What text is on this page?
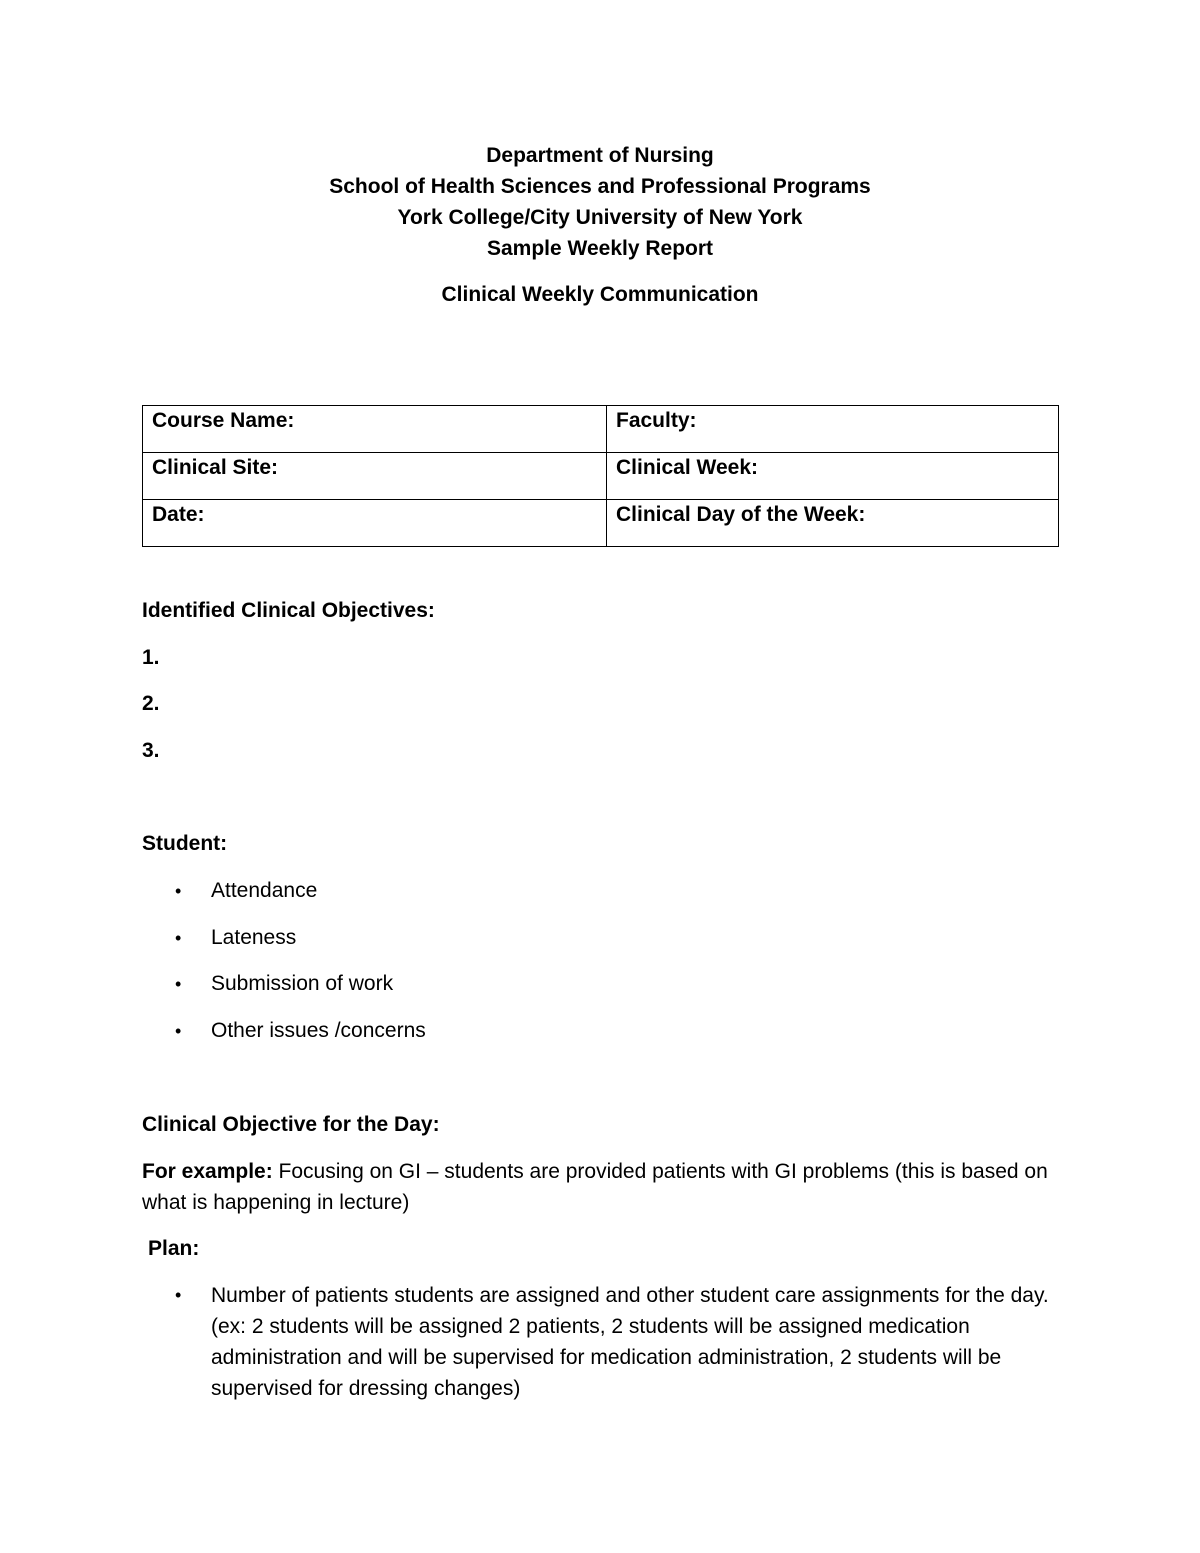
Department of Nursing
School of Health Sciences and Professional Programs
York College/City University of New York
Sample Weekly Report
Clinical Weekly Communication
Course Name:	Faculty:
Clinical Site:	Clinical Week:
Date:	Clinical Day of the Week:
Identified Clinical Objectives:
1.
2.
3.
Student:
•	Attendance
•	Lateness
•	Submission of work
•	Other issues /concerns
Clinical Objective for the Day:
For example: Focusing on GI – students are provided patients with GI problems (this is based on what is happening in lecture)
Plan:
•	Number of patients students are assigned and other student care assignments for the day. (ex: 2 students will be assigned 2 patients, 2 students will be assigned medication administration and will be supervised for medication administration, 2 students will be supervised for dressing changes)
